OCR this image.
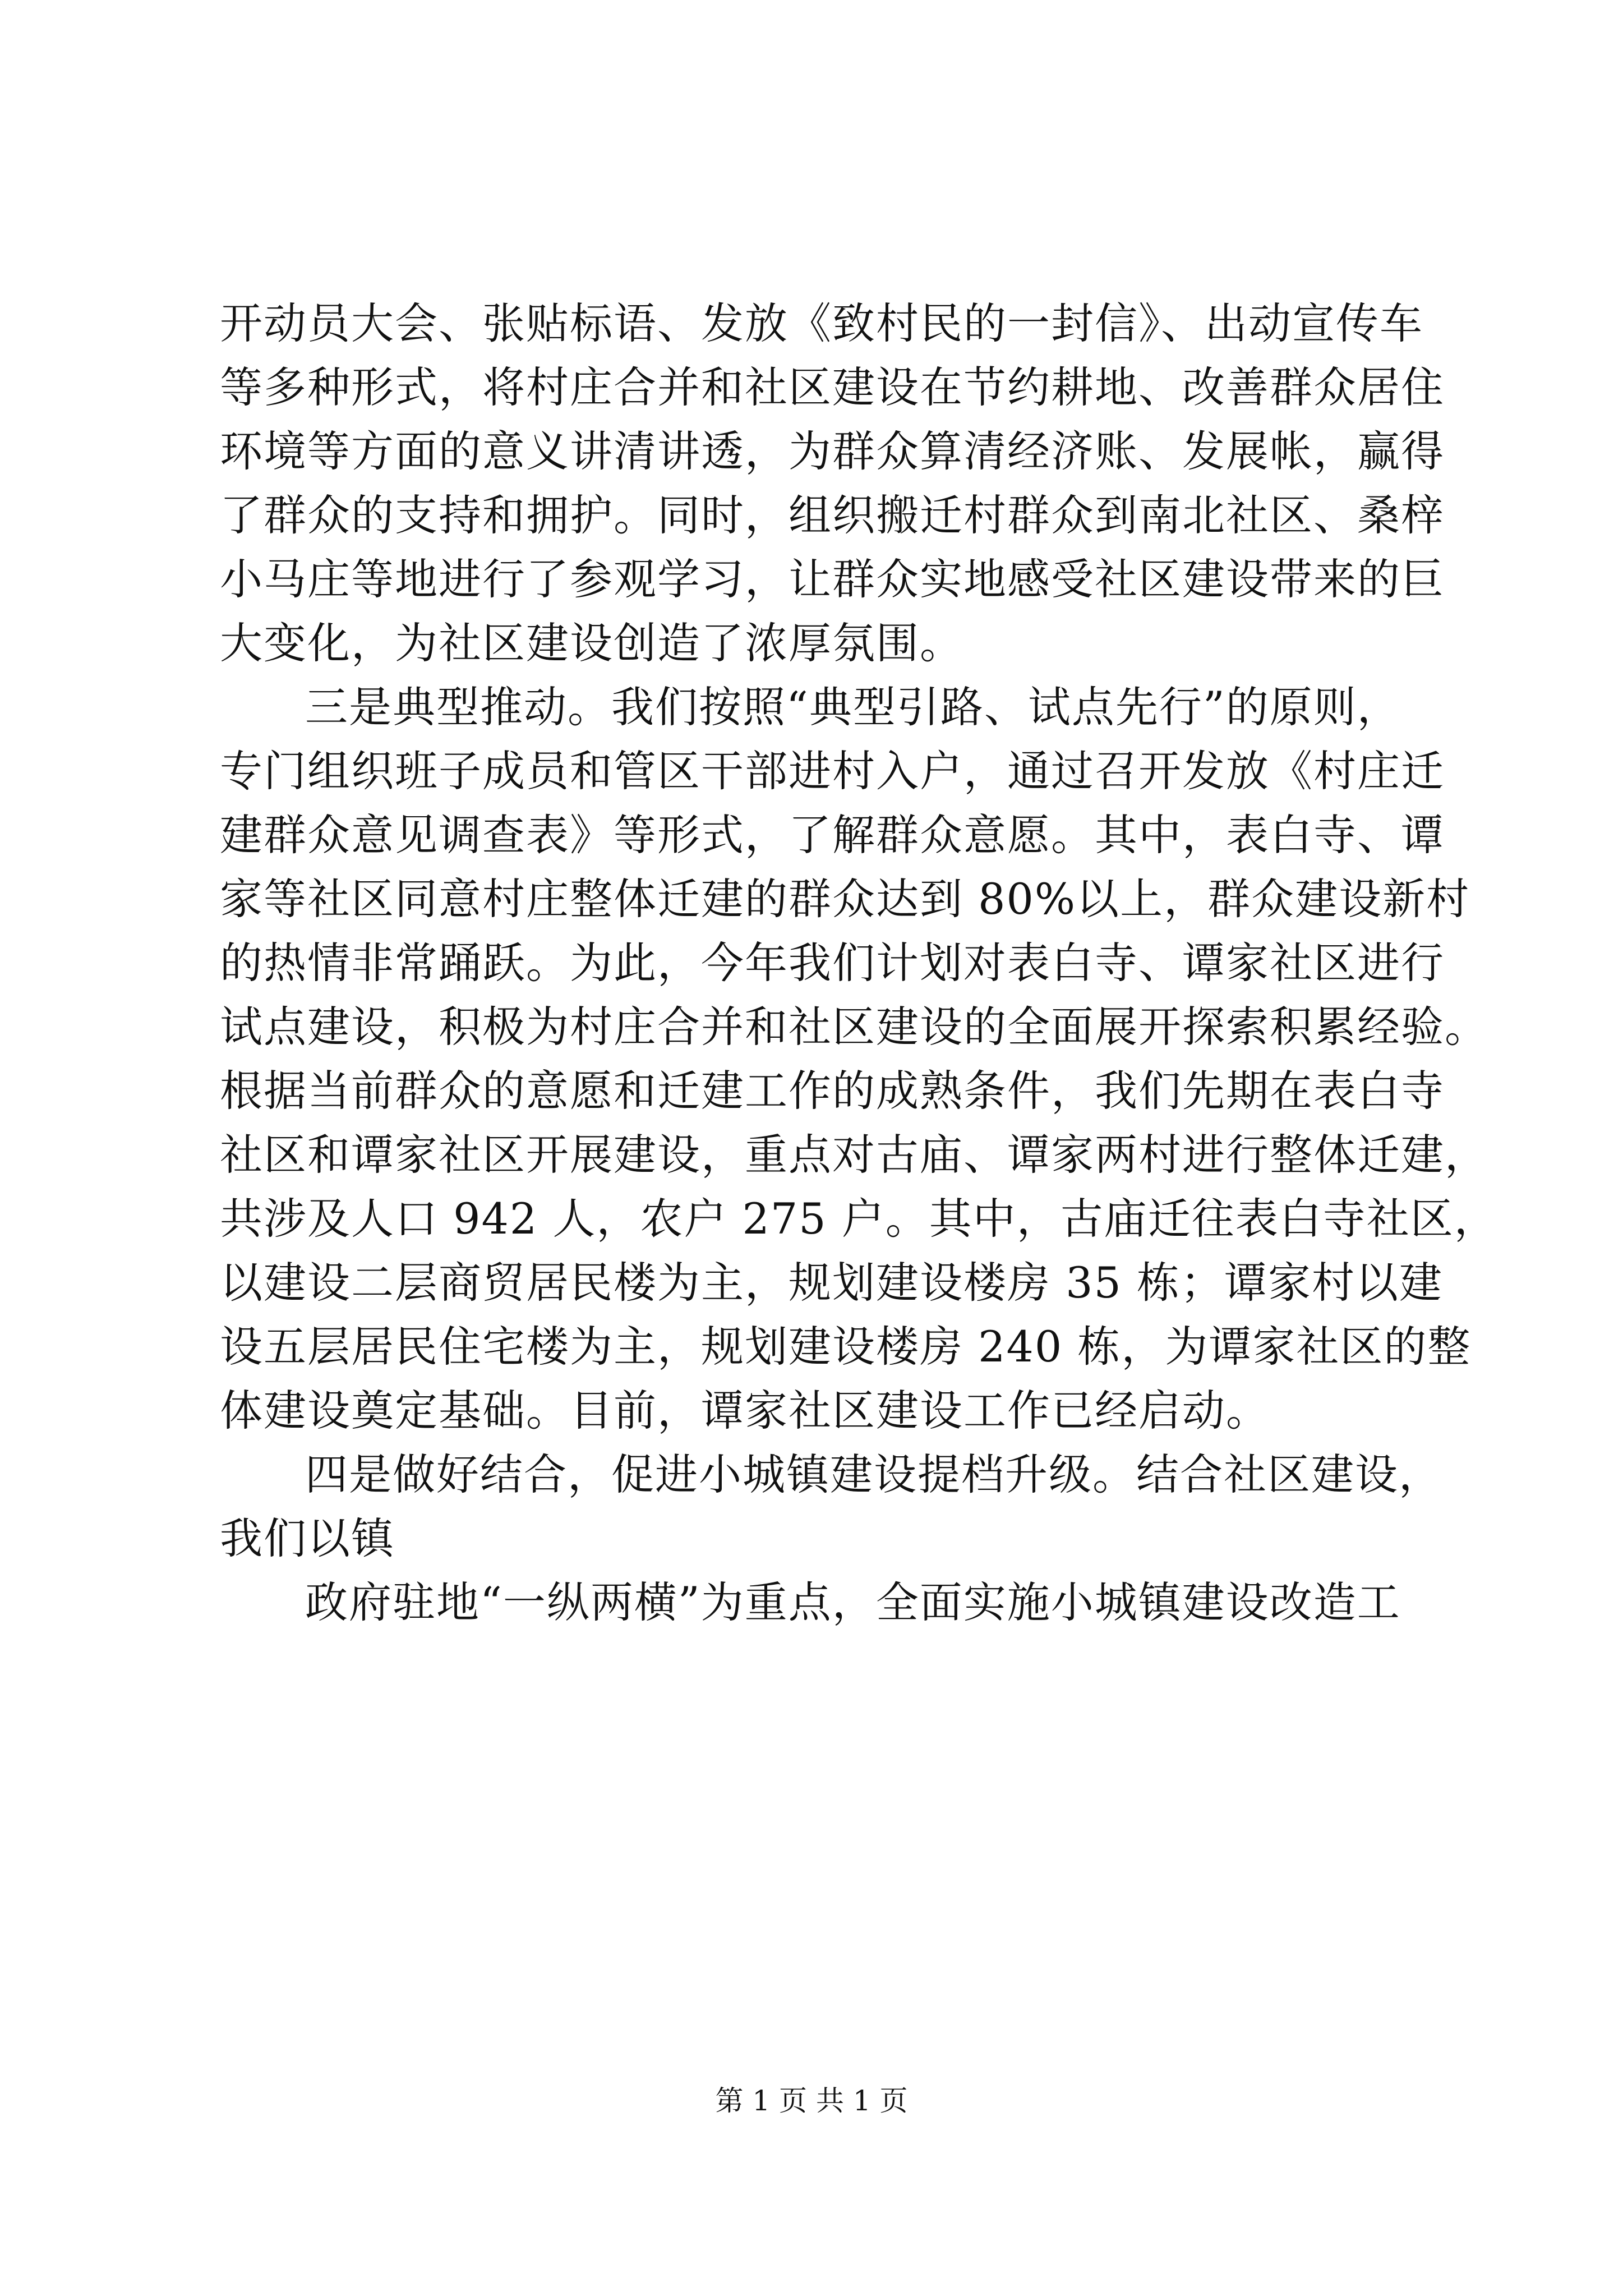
开动员大会、张贴标语、发放《致村民的一封信》、出动宣传车
等多种形式，将村庄合并和社区建设在节约耕地、改善群众居住
环境等方面的意义讲清讲透，为群众算清经济账、发展帐，赢得
了群众的支持和拥护。同时，组织搬迁村群众到南北社区、桑梓
小马庄等地进行了参观学习，让群众实地感受社区建设带来的巨
大变化，为社区建设创造了浓厚氛围。
三是典型推动。我们按照“典型引路、试点先行”的原则，
专门组织班子成员和管区干部进村入户，通过召开发放《村庄迁
建群众意见调查表》等形式，了解群众意愿。其中，表白寺、谭
家等社区同意村庄整体迁建的群众达到 80%以上，群众建设新村
的热情非常踊跃。为此，今年我们计划对表白寺、谭家社区进行
试点建设，积极为村庄合并和社区建设的全面展开探索积累经验。
根据当前群众的意愿和迁建工作的成熟条件，我们先期在表白寺
社区和谭家社区开展建设，重点对古庙、谭家两村进行整体迁建，
共涉及人口 942 人，农户 275 户。其中，古庙迁往表白寺社区，
以建设二层商贸居民楼为主，规划建设楼房 35 栋；谭家村以建
设五层居民住宅楼为主，规划建设楼房 240 栋，为谭家社区的整
体建设奠定基础。目前，谭家社区建设工作已经启动。
四是做好结合，促进小城镇建设提档升级。结合社区建设，
我们以镇
政府驻地“一纵两横”为重点，全面实施小城镇建设改造工
第 1 页 共 1 页
